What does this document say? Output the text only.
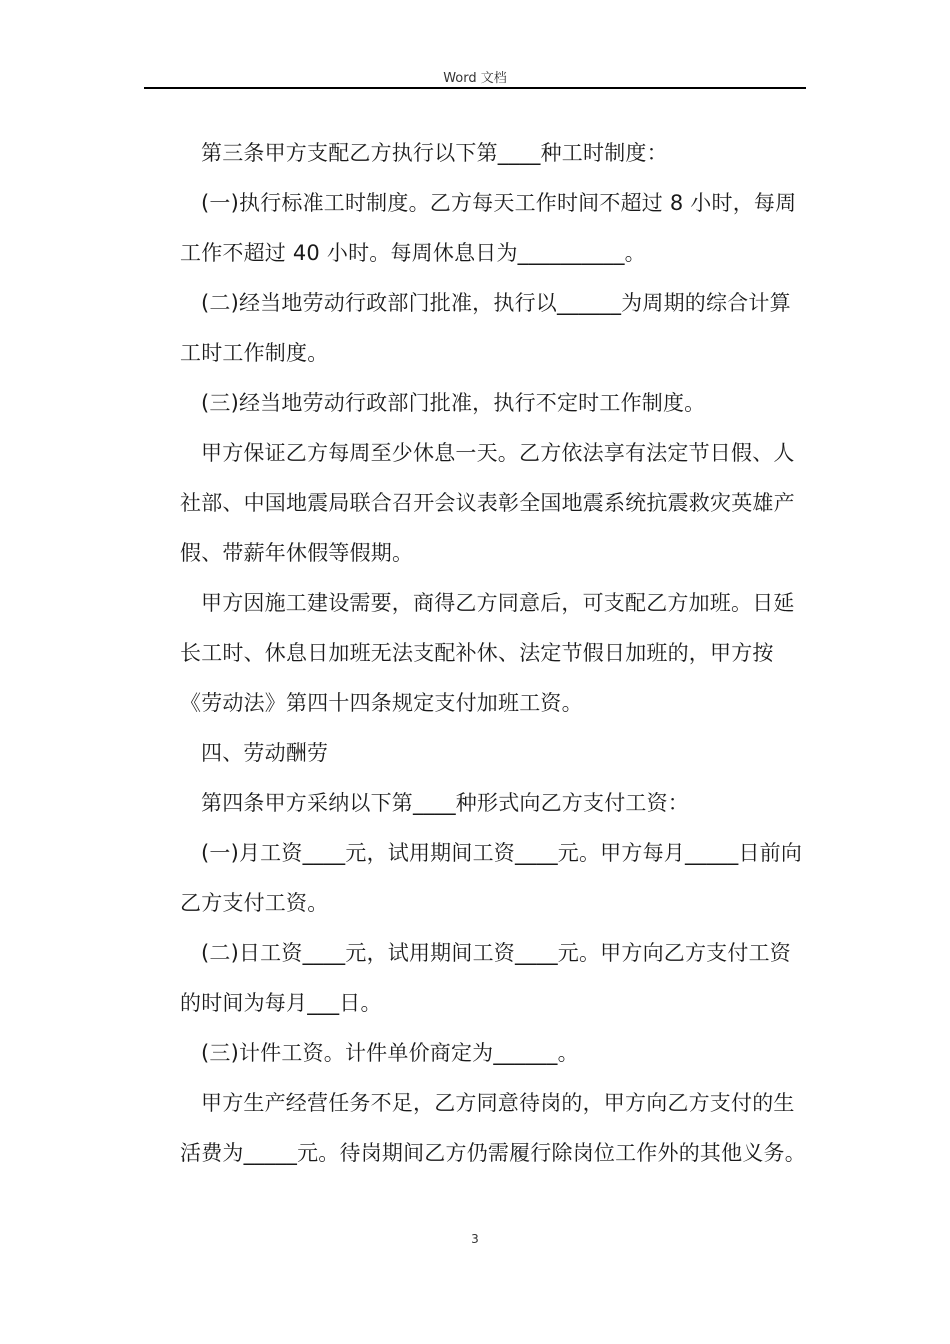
Word 文档

第三条甲方支配乙方执行以下第____种工时制度：

(一)执行标准工时制度。乙方每天工作时间不超过 8 小时，每周工作不超过 40 小时。每周休息日为__________。

(二)经当地劳动行政部门批准，执行以______为周期的综合计算工时工作制度。

(三)经当地劳动行政部门批准，执行不定时工作制度。

甲方保证乙方每周至少休息一天。乙方依法享有法定节日假、人社部、中国地震局联合召开会议表彰全国地震系统抗震救灾英雄产假、带薪年休假等假期。

甲方因施工建设需要，商得乙方同意后，可支配乙方加班。日延长工时、休息日加班无法支配补休、法定节假日加班的，甲方按《劳动法》第四十四条规定支付加班工资。

四、劳动酬劳

第四条甲方采纳以下第____种形式向乙方支付工资：

(一)月工资____元，试用期间工资____元。甲方每月_____日前向乙方支付工资。

(二)日工资____元，试用期间工资____元。甲方向乙方支付工资的时间为每月___日。

(三)计件工资。计件单价商定为______。

甲方生产经营任务不足，乙方同意待岗的，甲方向乙方支付的生活费为_____元。待岗期间乙方仍需履行除岗位工作外的其他义务。

3
